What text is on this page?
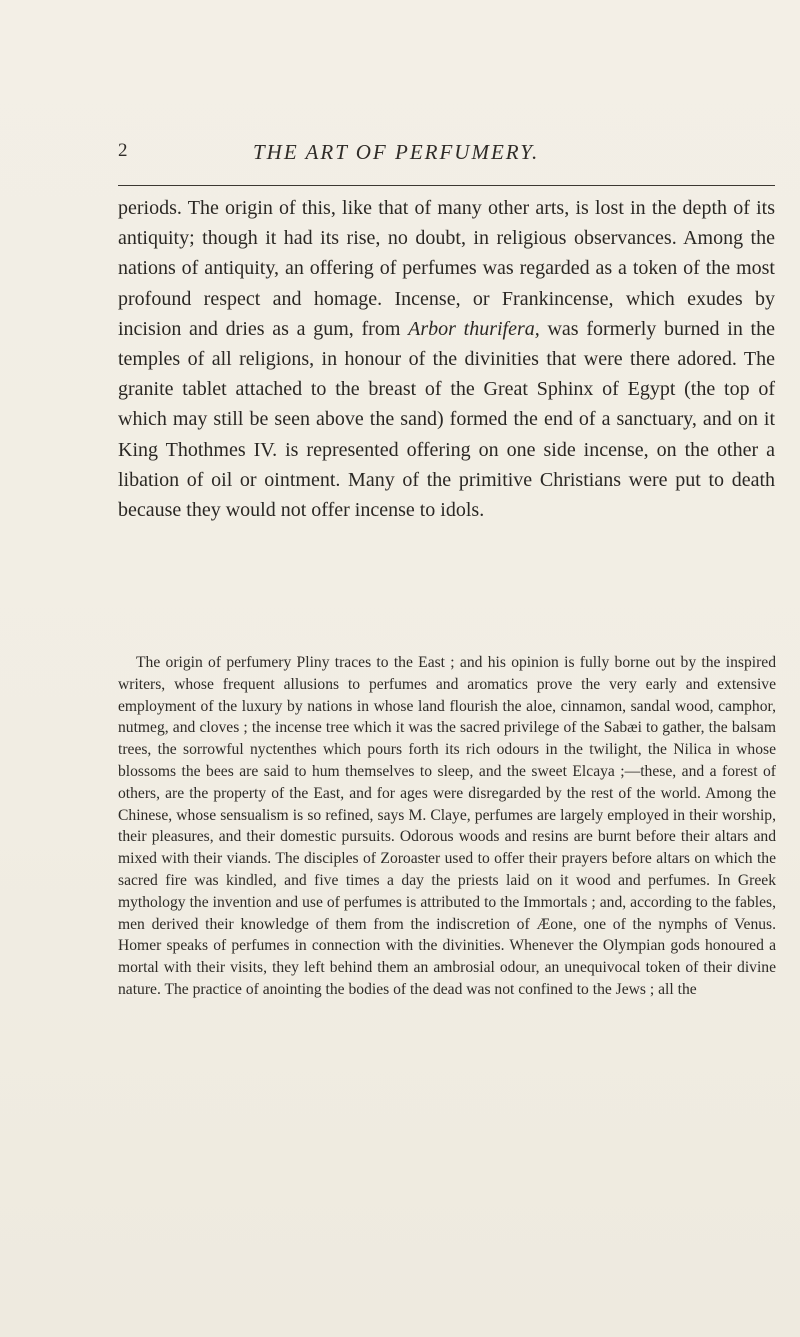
2	THE ART OF PERFUMERY.

periods. The origin of this, like that of many other arts, is lost in the depth of its antiquity; though it had its rise, no doubt, in religious observances. Among the nations of antiquity, an offering of perfumes was regarded as a token of the most profound respect and homage. Incense, or Frankincense, which exudes by incision and dries as a gum, from Arbor thurifera, was formerly burned in the temples of all religions, in honour of the divinities that were there adored. The granite tablet attached to the breast of the Great Sphinx of Egypt (the top of which may still be seen above the sand) formed the end of a sanctuary, and on it King Thothmes IV. is represented offering on one side incense, on the other a libation of oil or ointment. Many of the primitive Christians were put to death because they would not offer incense to idols.

The origin of perfumery Pliny traces to the East ; and his opinion is fully borne out by the inspired writers, whose frequent allusions to perfumes and aromatics prove the very early and extensive employment of the luxury by nations in whose land flourish the aloe, cinnamon, sandal wood, camphor, nutmeg, and cloves ; the incense tree which it was the sacred privilege of the Sabæi to gather, the balsam trees, the sorrowful nyctenthes which pours forth its rich odours in the twilight, the Nilica in whose blossoms the bees are said to hum themselves to sleep, and the sweet Elcaya ;—these, and a forest of others, are the property of the East, and for ages were disregarded by the rest of the world. Among the Chinese, whose sensualism is so refined, says M. Claye, perfumes are largely employed in their worship, their pleasures, and their domestic pursuits. Odorous woods and resins are burnt before their altars and mixed with their viands. The disciples of Zoroaster used to offer their prayers before altars on which the sacred fire was kindled, and five times a day the priests laid on it wood and perfumes. In Greek mythology the invention and use of perfumes is attributed to the Immortals ; and, according to the fables, men derived their knowledge of them from the indiscretion of Æone, one of the nymphs of Venus. Homer speaks of perfumes in connection with the divinities. Whenever the Olympian gods honoured a mortal with their visits, they left behind them an ambrosial odour, an unequivocal token of their divine nature. The practice of anointing the bodies of the dead was not confined to the Jews ; all the
